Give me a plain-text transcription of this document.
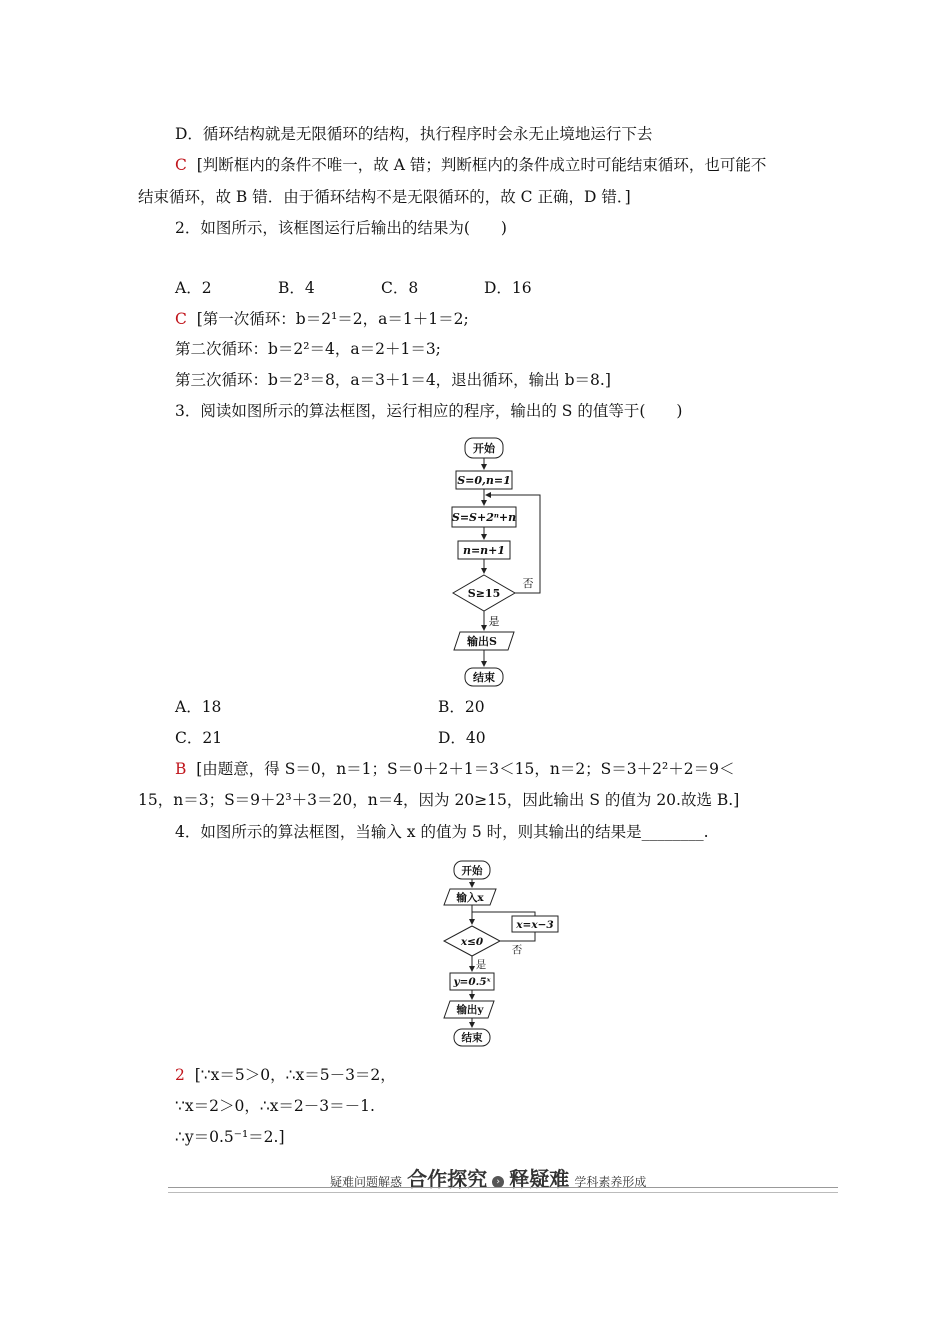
D．循环结构就是无限循环的结构，执行程序时会永无止境地运行下去
C [判断框内的条件不唯一，故 A 错；判断框内的条件成立时可能结束循环，也可能不
结束循环，故 B 错．由于循环结构不是无限循环的，故 C 正确，D 错．]
2．如图所示，该框图运行后输出的结果为(　　)
A．2	B．4	C．8	D．16
C [第一次循环：b＝2¹＝2，a＝1＋1＝2;
第二次循环：b＝2²＝4，a＝2＋1＝3;
第三次循环：b＝2³＝8，a＝3＋1＝4，退出循环，输出 b＝8.]
3．阅读如图所示的算法框图，运行相应的程序，输出的 S 的值等于(　　)
开始
S=0,n=1
S=S+2ⁿ+n
n=n+1
S≥15
否
是
输出S
结束
A．18	B．20
C．21	D．40
B [由题意，得 S＝0，n＝1；S＝0＋2＋1＝3＜15，n＝2；S＝3＋2²＋2＝9＜
15，n＝3；S＝9＋2³＋3＝20，n＝4，因为 20≥15，因此输出 S 的值为 20.故选 B.]
4．如图所示的算法框图，当输入 x 的值为 5 时，则其输出的结果是________.
开始
输入x
x=x−3
x≤0
否
是
y=0.5ˣ
输出y
结束
2 [∵x＝5＞0，∴x＝5－3＝2，
∵x＝2＞0，∴x＝2－3＝－1.
∴y＝0.5⁻¹＝2.]
疑难问题解惑 合作探究 › 释疑难 学科素养形成
